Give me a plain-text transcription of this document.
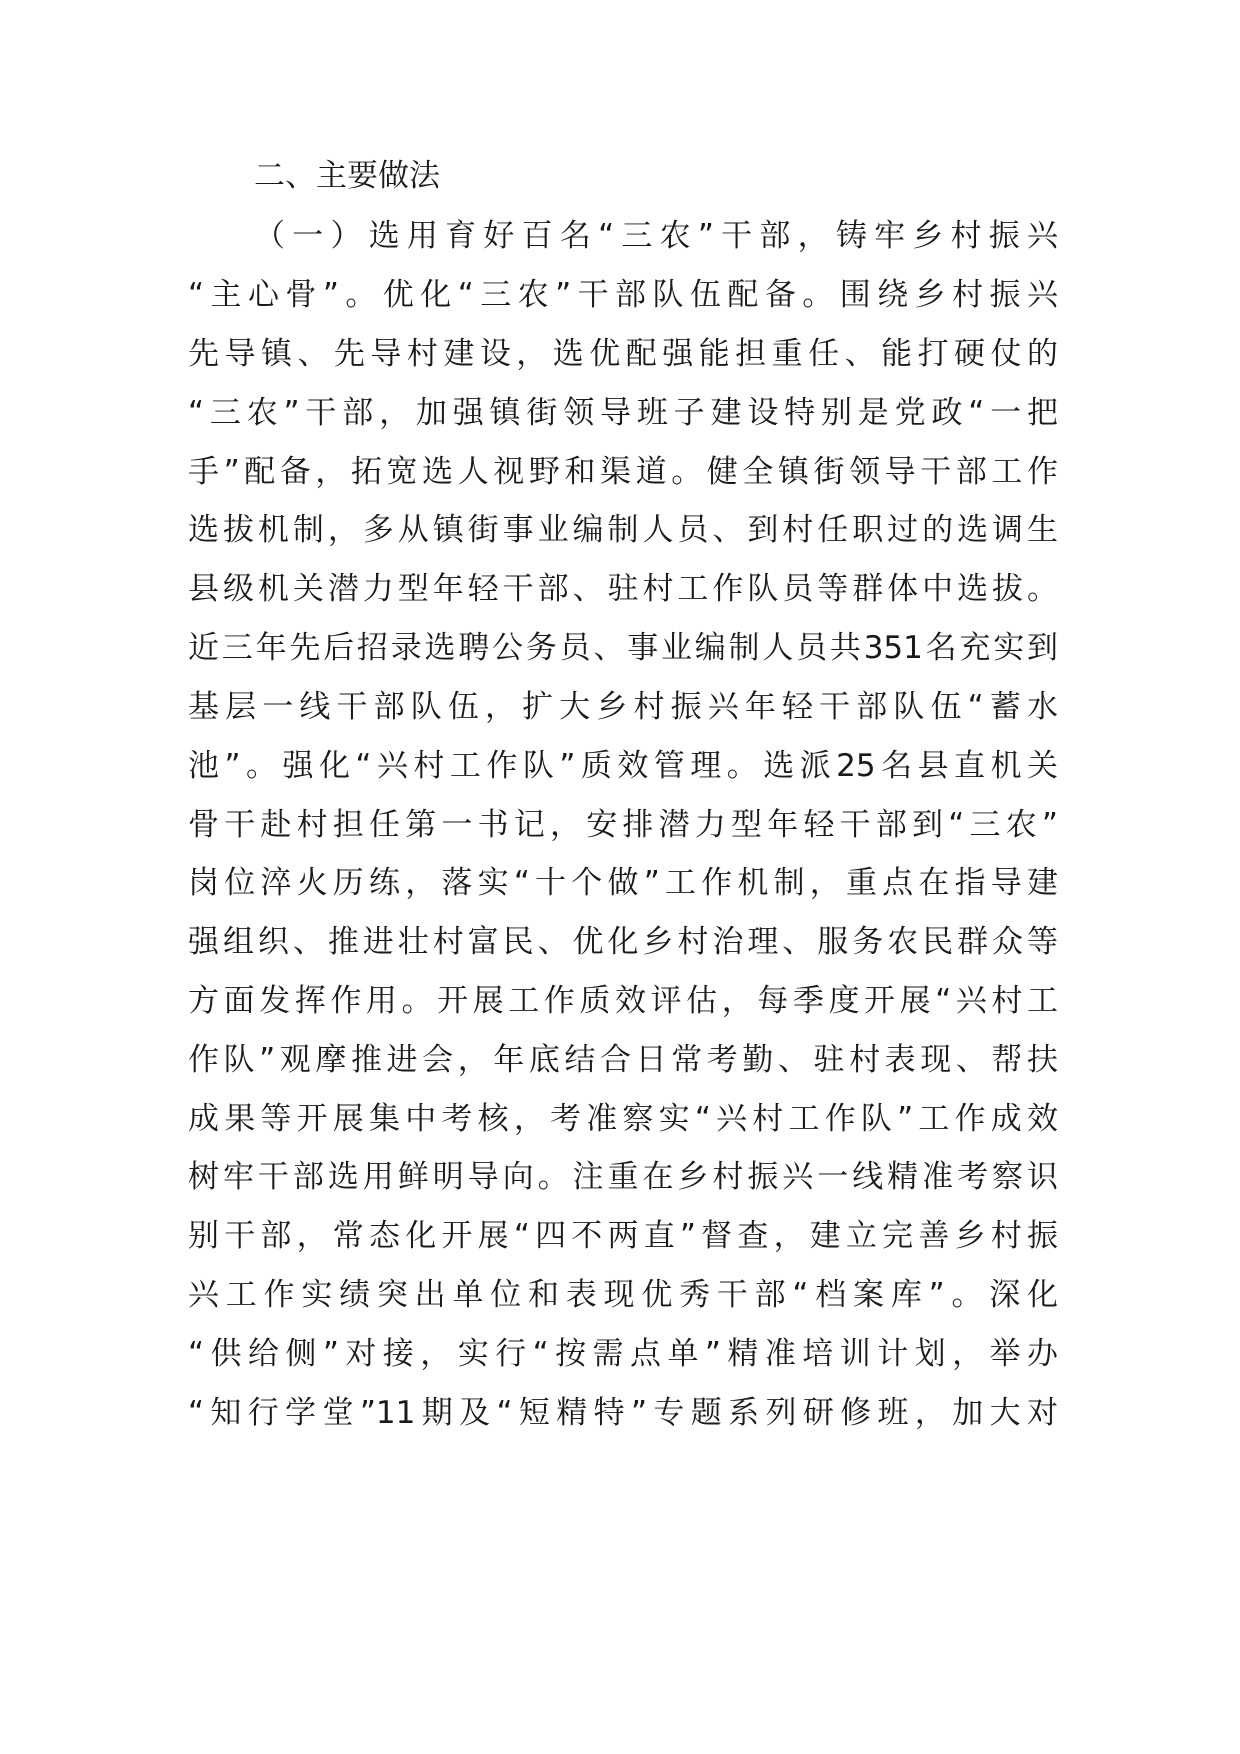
二、主要做法
（一）选用育好百名“三农”干部，铸牢乡村振兴
“主心骨”。优化“三农”干部队伍配备。围绕乡村振兴
先导镇、先导村建设，选优配强能担重任、能打硬仗的
“三农”干部，加强镇街领导班子建设特别是党政“一把
手”配备，拓宽选人视野和渠道。健全镇街领导干部工作
选拔机制，多从镇街事业编制人员、到村任职过的选调生
县级机关潜力型年轻干部、驻村工作队员等群体中选拔。
近三年先后招录选聘公务员、事业编制人员共351名充实到
基层一线干部队伍，扩大乡村振兴年轻干部队伍“蓄水
池”。强化“兴村工作队”质效管理。选派25名县直机关
骨干赴村担任第一书记，安排潜力型年轻干部到“三农”
岗位淬火历练，落实“十个做”工作机制，重点在指导建
强组织、推进壮村富民、优化乡村治理、服务农民群众等
方面发挥作用。开展工作质效评估，每季度开展“兴村工
作队”观摩推进会，年底结合日常考勤、驻村表现、帮扶
成果等开展集中考核，考准察实“兴村工作队”工作成效
树牢干部选用鲜明导向。注重在乡村振兴一线精准考察识
别干部，常态化开展“四不两直”督查，建立完善乡村振
兴工作实绩突出单位和表现优秀干部“档案库”。深化
“供给侧”对接，实行“按需点单”精准培训计划，举办
“知行学堂”11期及“短精特”专题系列研修班，加大对
